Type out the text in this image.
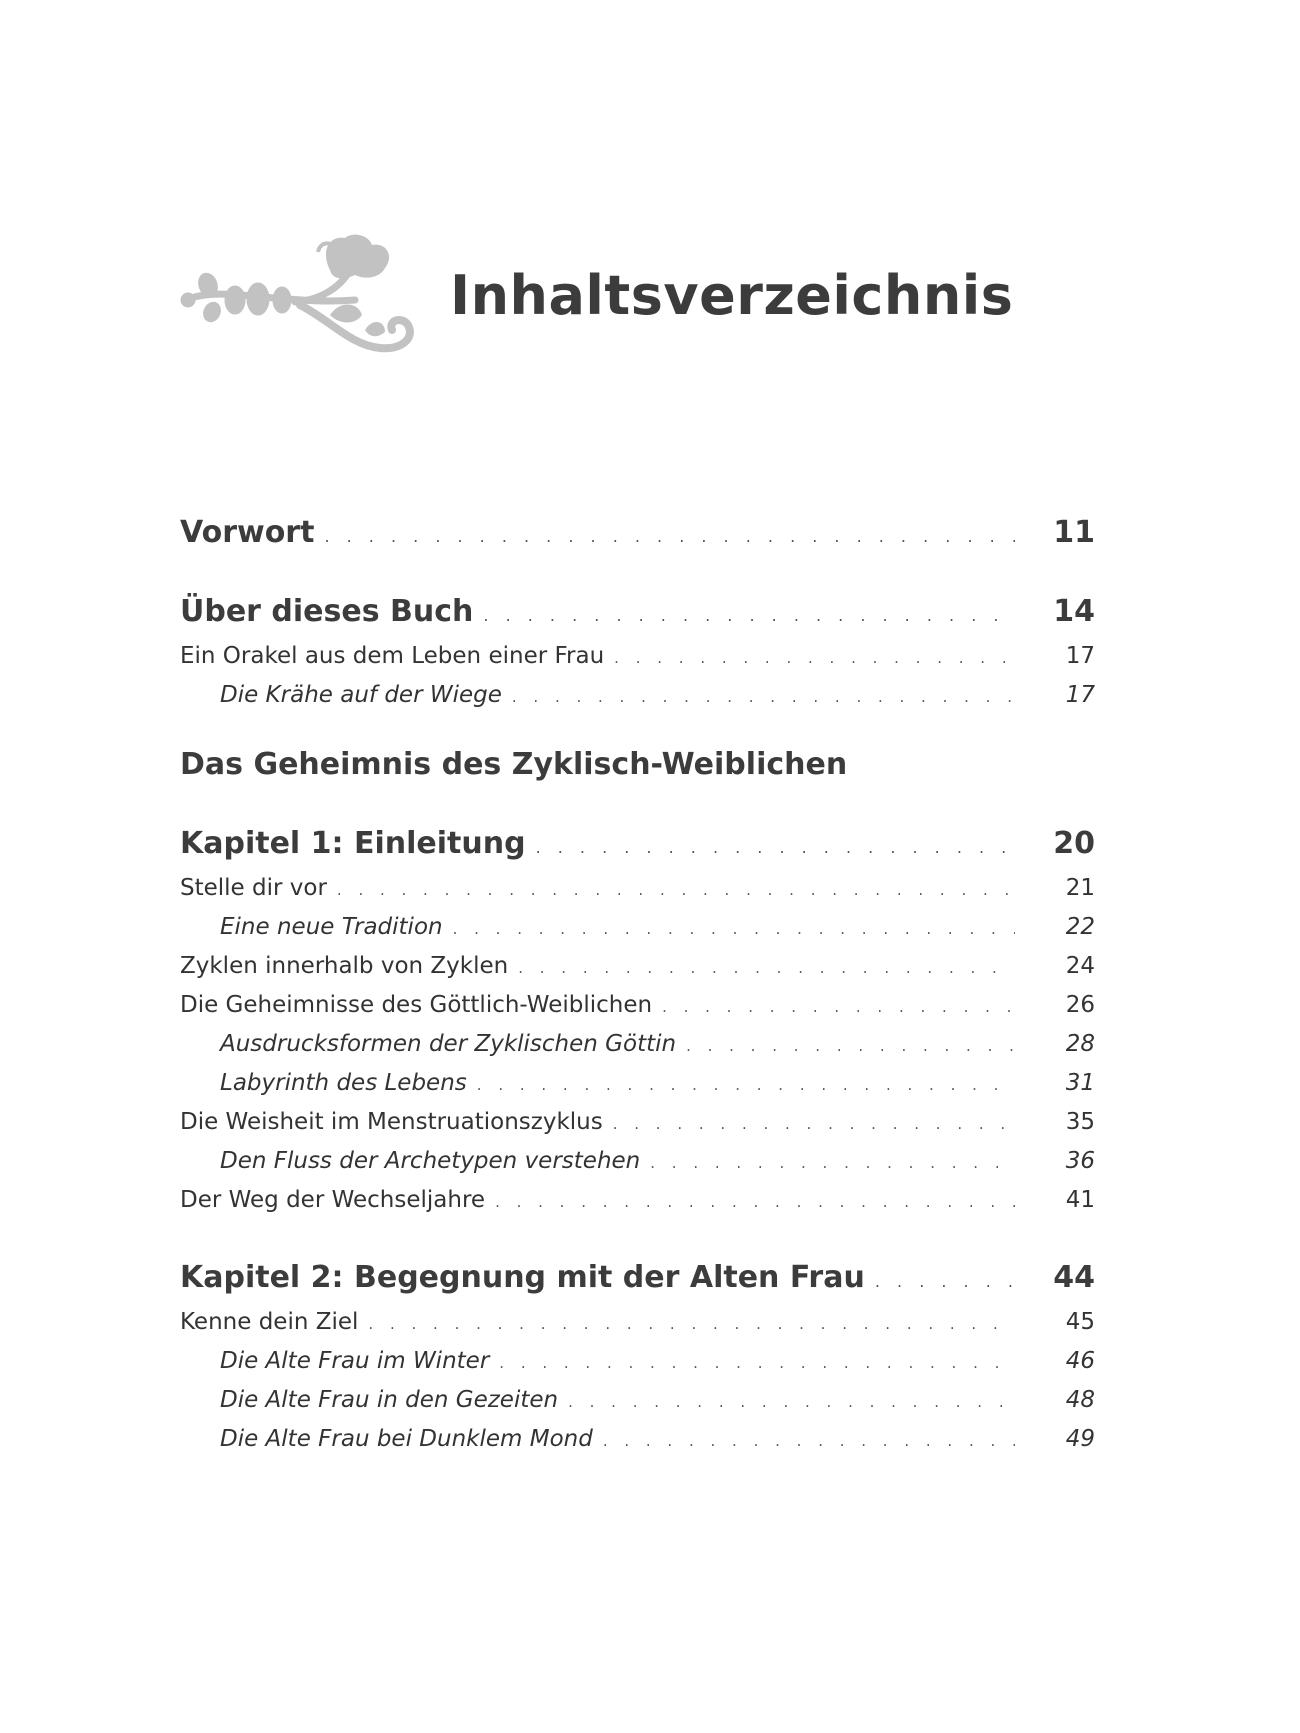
Inhaltsverzeichnis
Vorwort . . .	11
Über dieses Buch . . .	14
Ein Orakel aus dem Leben einer Frau . . .	17
Die Krähe auf der Wiege . . .	17
Das Geheimnis des Zyklisch-Weiblichen
Kapitel 1: Einleitung . . .	20
Stelle dir vor . . .	21
Eine neue Tradition . . .	22
Zyklen innerhalb von Zyklen . . .	24
Die Geheimnisse des Göttlich-Weiblichen . . .	26
Ausdrucksformen der Zyklischen Göttin . . .	28
Labyrinth des Lebens . . .	31
Die Weisheit im Menstruationszyklus . . .	35
Den Fluss der Archetypen verstehen . . .	36
Der Weg der Wechseljahre . . .	41
Kapitel 2: Begegnung mit der Alten Frau . . .	44
Kenne dein Ziel . . .	45
Die Alte Frau im Winter . . .	46
Die Alte Frau in den Gezeiten . . .	48
Die Alte Frau bei Dunklem Mond . . .	49
